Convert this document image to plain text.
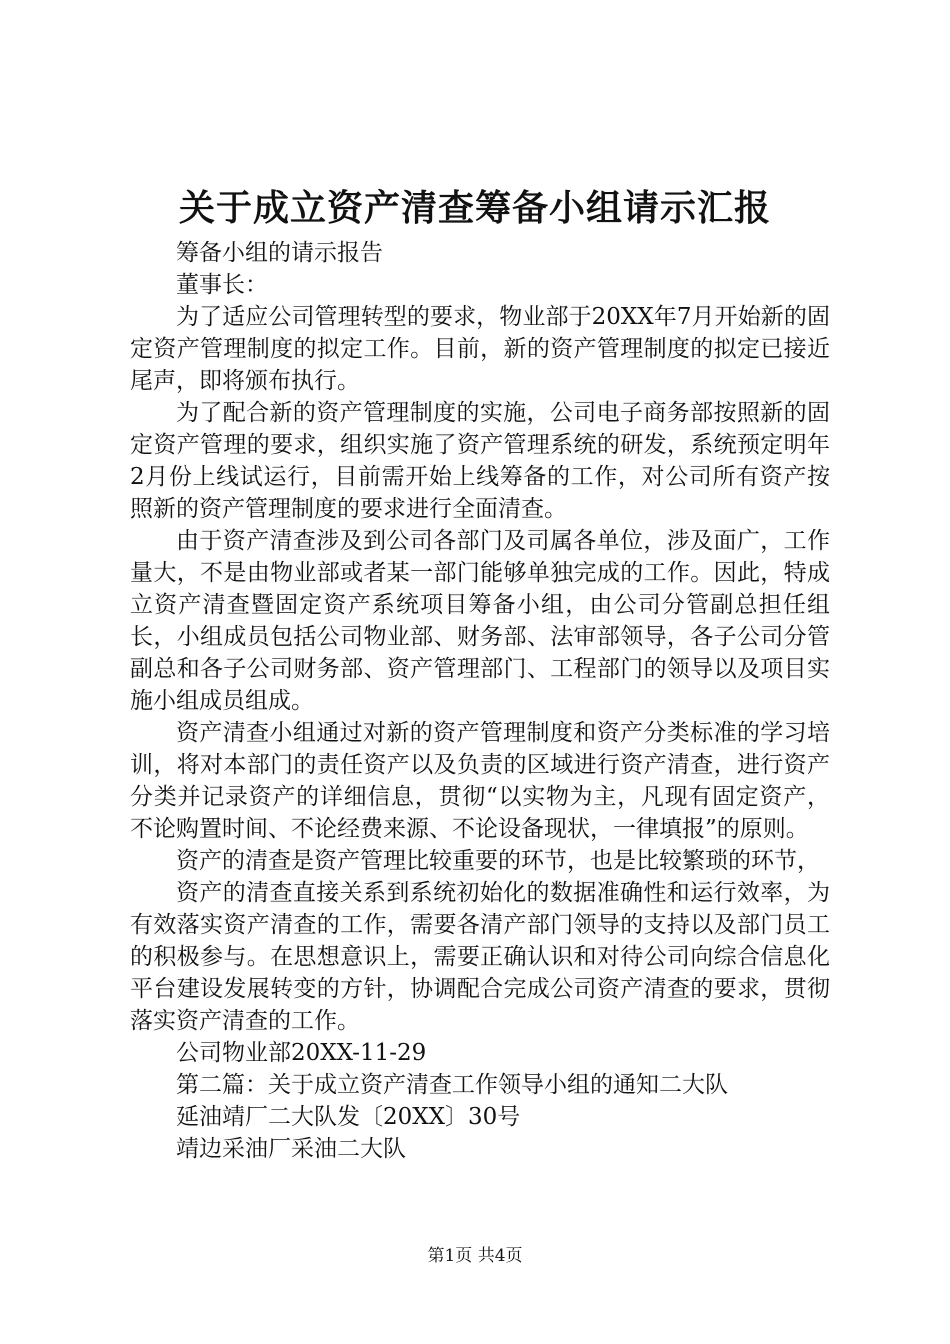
关于成立资产清查筹备小组请示汇报

筹备小组的请示报告

董事长：

为了适应公司管理转型的要求，物业部于20XX年7月开始新的固定资产管理制度的拟定工作。目前，新的资产管理制度的拟定已接近尾声，即将颁布执行。

为了配合新的资产管理制度的实施，公司电子商务部按照新的固定资产管理的要求，组织实施了资产管理系统的研发，系统预定明年2月份上线试运行，目前需开始上线筹备的工作，对公司所有资产按照新的资产管理制度的要求进行全面清查。

由于资产清查涉及到公司各部门及司属各单位，涉及面广，工作量大，不是由物业部或者某一部门能够单独完成的工作。因此，特成立资产清查暨固定资产系统项目筹备小组，由公司分管副总担任组长，小组成员包括公司物业部、财务部、法审部领导，各子公司分管副总和各子公司财务部、资产管理部门、工程部门的领导以及项目实施小组成员组成。

资产清查小组通过对新的资产管理制度和资产分类标准的学习培训，将对本部门的责任资产以及负责的区域进行资产清查，进行资产分类并记录资产的详细信息，贯彻“以实物为主，凡现有固定资产，不论购置时间、不论经费来源、不论设备现状，一律填报”的原则。

资产的清查是资产管理比较重要的环节，也是比较繁琐的环节，

资产的清查直接关系到系统初始化的数据准确性和运行效率，为有效落实资产清查的工作，需要各清产部门领导的支持以及部门员工的积极参与。在思想意识上，需要正确认识和对待公司向综合信息化平台建设发展转变的方针，协调配合完成公司资产清查的要求，贯彻落实资产清查的工作。

公司物业部20XX-11-29

第二篇：关于成立资产清查工作领导小组的通知二大队

延油靖厂二大队发〔20XX〕30号

靖边采油厂采油二大队

第1页 共4页
